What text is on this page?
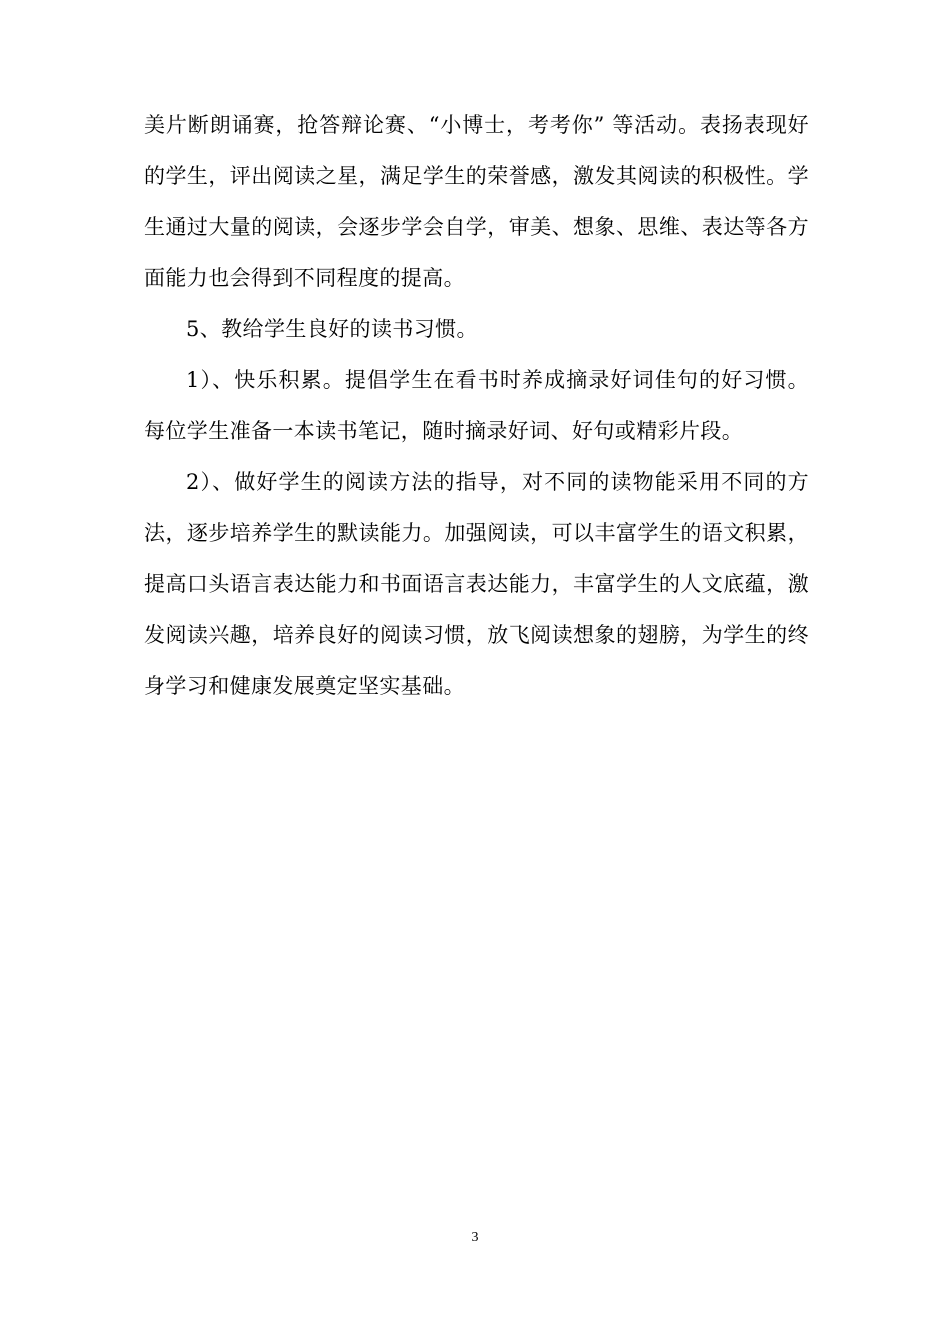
美片断朗诵赛，抢答辩论赛、“小博士，考考你” 等活动。表扬表现好的学生，评出阅读之星，满足学生的荣誉感，激发其阅读的积极性。学生通过大量的阅读，会逐步学会自学，审美、想象、思维、表达等各方面能力也会得到不同程度的提高。

5、教给学生良好的读书习惯。

1）、快乐积累。提倡学生在看书时养成摘录好词佳句的好习惯。每位学生准备一本读书笔记，随时摘录好词、好句或精彩片段。

2）、做好学生的阅读方法的指导，对不同的读物能采用不同的方法，逐步培养学生的默读能力。加强阅读，可以丰富学生的语文积累，提高口头语言表达能力和书面语言表达能力，丰富学生的人文底蕴，激发阅读兴趣，培养良好的阅读习惯，放飞阅读想象的翅膀，为学生的终身学习和健康发展奠定坚实基础。

3
